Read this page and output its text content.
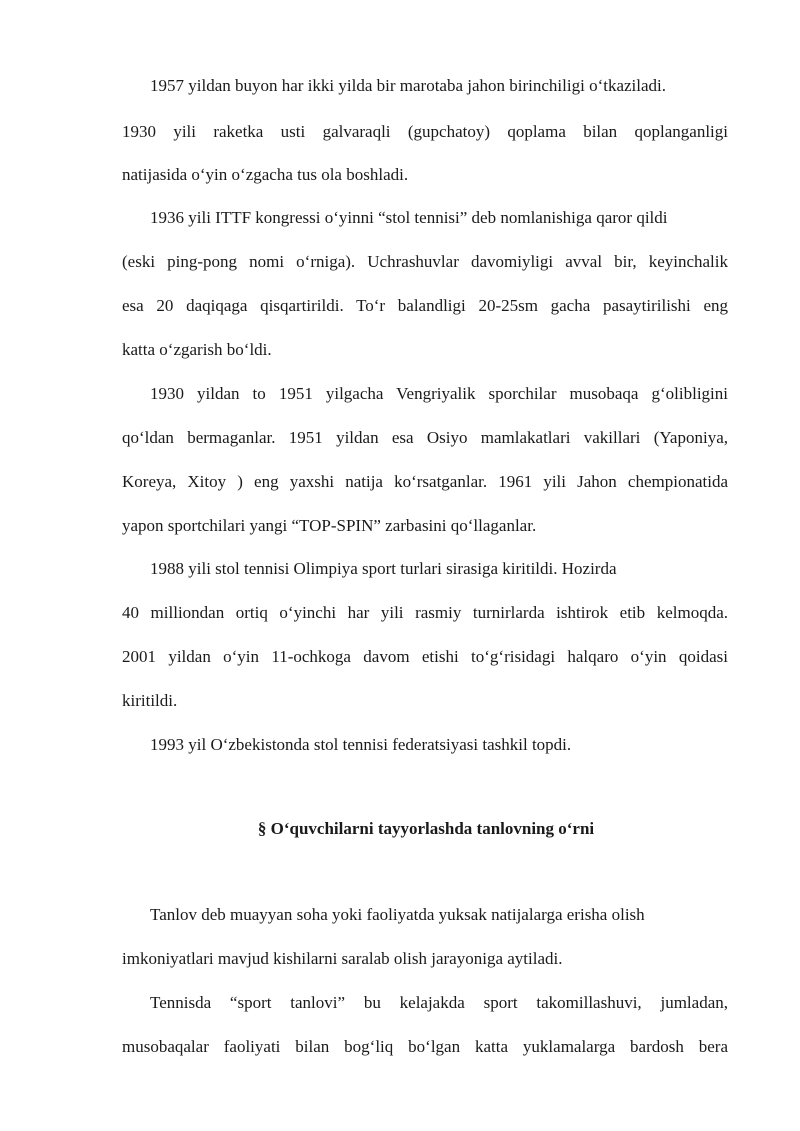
1957 yildan buyon har ikki yilda bir marotaba jahon birinchiligi o‘tkaziladi.
1930 yili raketka usti galvaraqli (gupchatoy) qoplama bilan qoplanganligi
natijasida o‘yin o‘zgacha tus ola boshladi.
1936 yili ITTF kongressi o‘yinni “stol tennisi” deb nomlanishiga qaror qildi
(eski ping-pong nomi o‘rniga). Uchrashuvlar davomiyligi avval bir, keyinchalik
esa 20 daqiqaga qisqartirildi. To‘r balandligi 20-25sm gacha pasaytirilishi eng
katta o‘zgarish bo‘ldi.
1930 yildan to 1951 yilgacha Vengriyalik sporchilar musobaqa g‘olibligini
qo‘ldan bermaganlar. 1951 yildan esa Osiyo mamlakatlari vakillari (Yaponiya,
Koreya, Xitoy ) eng yaxshi natija ko‘rsatganlar. 1961 yili Jahon chempionatida
yapon sportchilari yangi “TOP-SPIN” zarbasini qo‘llaganlar.
1988 yili stol tennisi Olimpiya sport turlari sirasiga kiritildi. Hozirda
40 milliondan ortiq o‘yinchi har yili rasmiy turnirlarda ishtirok etib kelmoqda.
2001 yildan o‘yin 11-ochkoga davom etishi to‘g‘risidagi halqaro o‘yin qoidasi
kiritildi.
1993 yil O‘zbekistonda stol tennisi federatsiyasi tashkil topdi.
§ O‘quvchilarni tayyorlashda tanlovning o‘rni
Tanlov deb muayyan soha yoki faoliyatda yuksak natijalarga erisha olish
imkoniyatlari mavjud kishilarni saralab olish jarayoniga aytiladi.
Tennisda  “sport  tanlovi”  bu  kelajakda  sport  takomillashuvi,  jumladan,
musobaqalar  faoliyati  bilan  bog‘liq  bo‘lgan  katta  yuklamalarga  bardosh  bera
